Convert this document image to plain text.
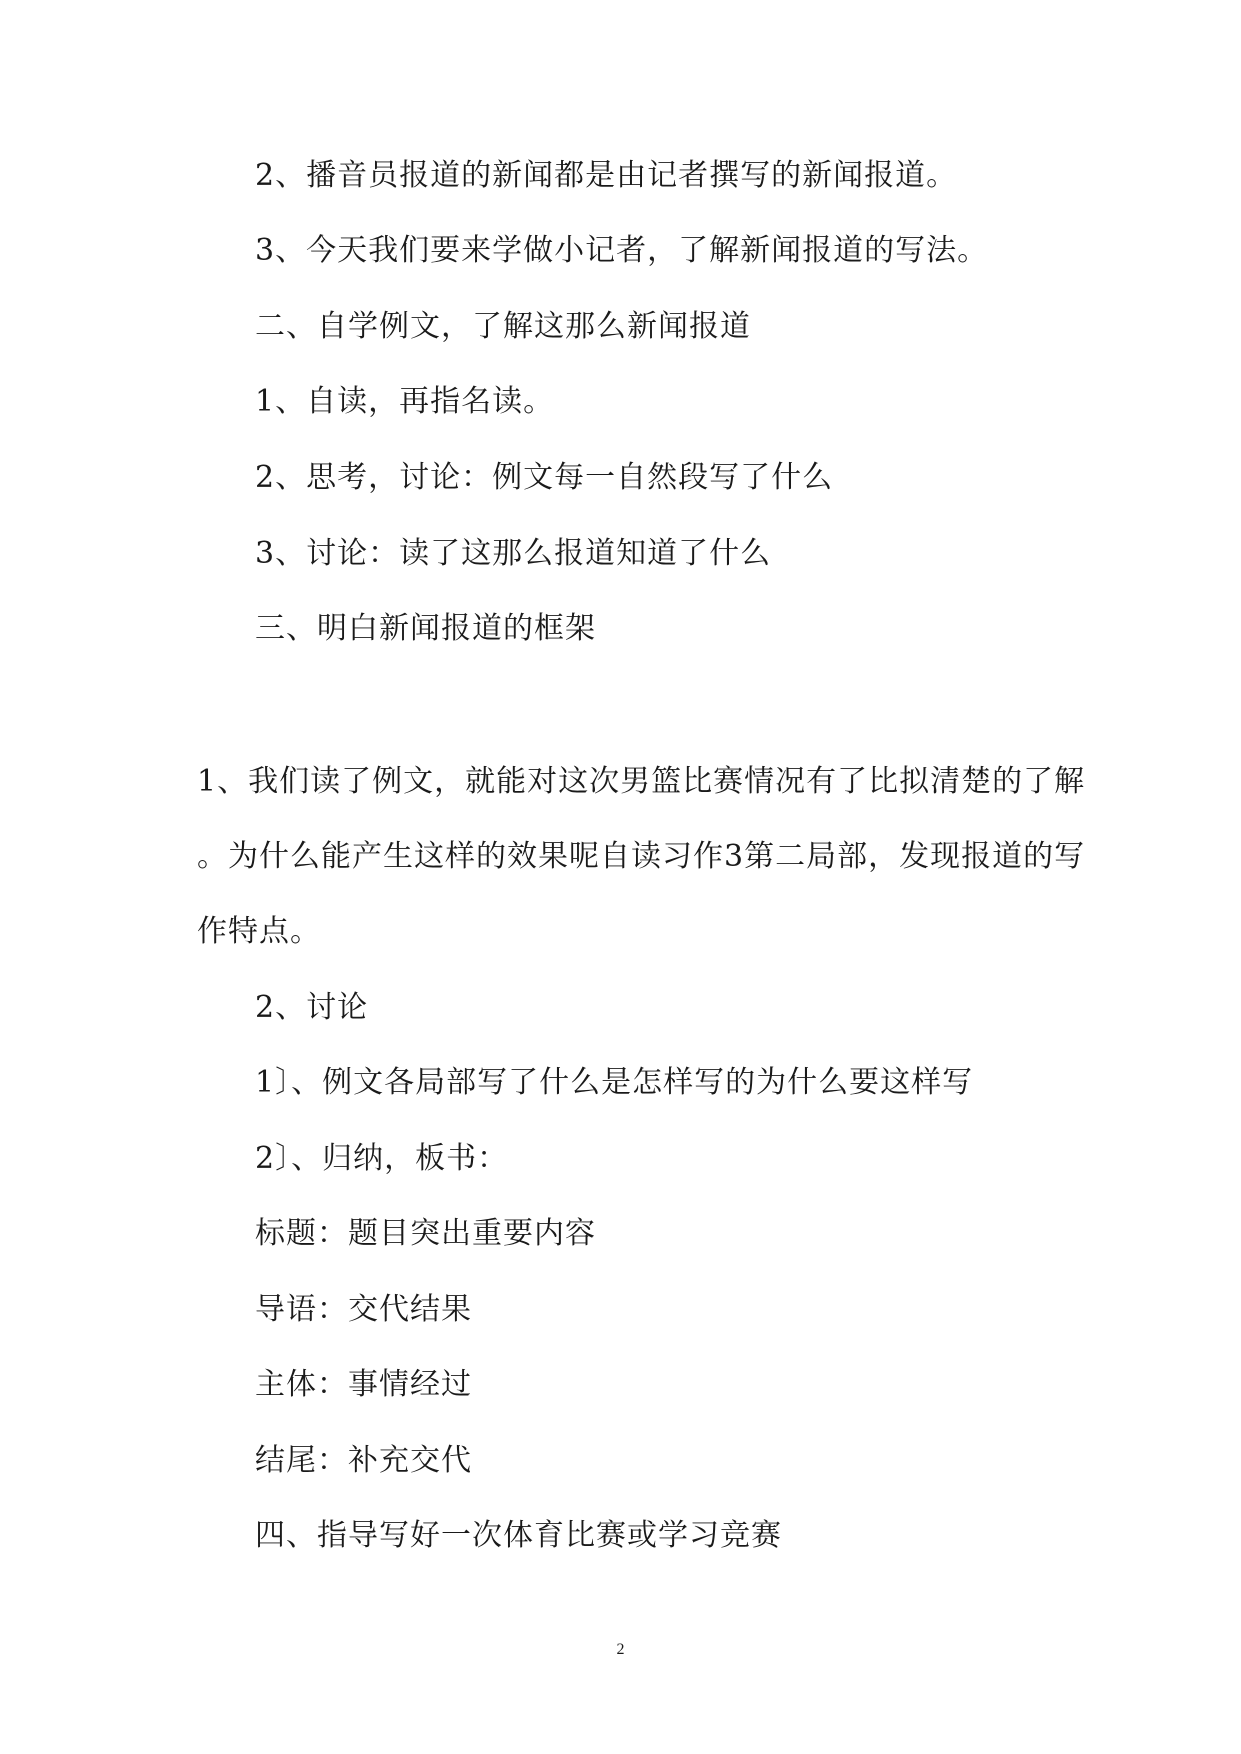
2、播音员报道的新闻都是由记者撰写的新闻报道。
3、今天我们要来学做小记者，了解新闻报道的写法。
二、自学例文，了解这那么新闻报道
1、自读，再指名读。
2、思考，讨论：例文每一自然段写了什么
3、讨论：读了这那么报道知道了什么
三、明白新闻报道的框架
1、我们读了例文，就能对这次男篮比赛情况有了比拟清楚的了解
。为什么能产生这样的效果呢自读习作3第二局部，发现报道的写
作特点。
2、讨论
1〕、例文各局部写了什么是怎样写的为什么要这样写
2〕、归纳，板书：
标题：题目突出重要内容
导语：交代结果
主体：事情经过
结尾：补充交代
四、指导写好一次体育比赛或学习竞赛
2
